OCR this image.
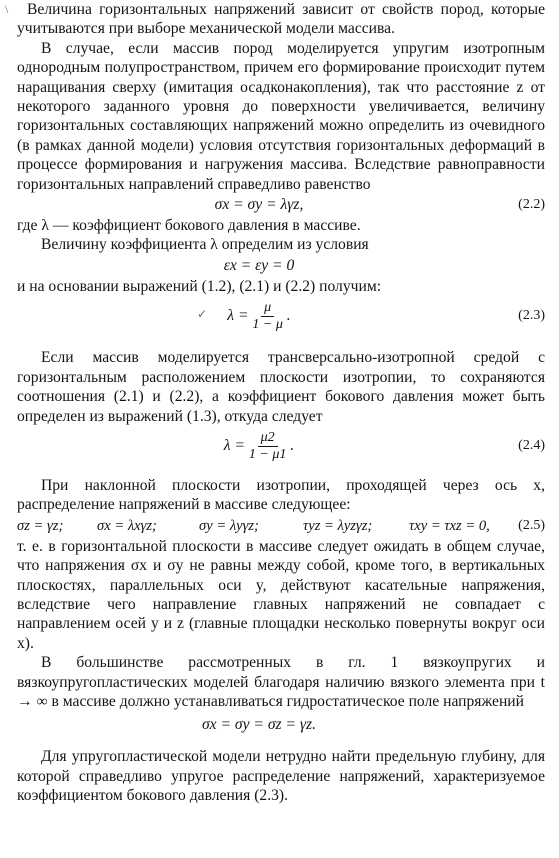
\	Величина горизонтальных напряжений зависит от свойств пород, которые учитываются при выборе механической модели массива.

В случае, если массив пород моделируется упругим изотропным однородным полупространством, причем его формирование происходит путем наращивания сверху (имитация осадконакопления), так что расстояние z от некоторого заданного уровня до поверхности увеличивается, величину горизонтальных составляющих напряжений можно определить из очевидного (в рамках данной модели) условия отсутствия горизонтальных деформаций в процессе формирования и нагружения массива. Вследствие равноправности горизонтальных направлений справедливо равенство

σx = σy = λγz,	(2.2)

где λ — коэффициент бокового давления в массиве.

Величину коэффициента λ определим из условия

εx = εy = 0

и на основании выражений (1.2), (2.1) и (2.2) получим:

✓	$\lambda = \frac{\mu}{1 - \mu}$ .	(2.3)

Если массив моделируется трансверсально-изотропной средой с горизонтальным расположением плоскости изотропии, то сохраняются соотношения (2.1) и (2.2), а коэффициент бокового давления может быть определен из выражений (1.3), откуда следует

$\lambda = \frac{\mu 2}{1 - \mu 1}$ .	(2.4)

При наклонной плоскости изотропии, проходящей через ось x, распределение напряжений в массиве следующее:

σz = γz; σx = λxγz;	σy = λyγz;	τyz = λyzγz;	τxy = τxz = 0, (2.5)

т. е. в горизонтальной плоскости в массиве следует ожидать в общем случае, что напряжения σx и σy не равны между собой, кроме того, в вертикальных плоскостях, параллельных оси y, действуют касательные напряжения, вследствие чего направление главных напряжений не совпадает с направлением осей y и z (главные площадки несколько повернуты вокруг оси x).

В большинстве рассмотренных в гл. 1 вязкоупругих и вязкоупругопластических моделей благодаря наличию вязкого элемента при t → ∞ в массиве должно устанавливаться гидростатическое поле напряжений

σx = σy = σz = γz.

Для упругопластической модели нетрудно найти предельную глубину, для которой справедливо упругое распределение напряжений, характеризуемое коэффициентом бокового давления (2.3).
